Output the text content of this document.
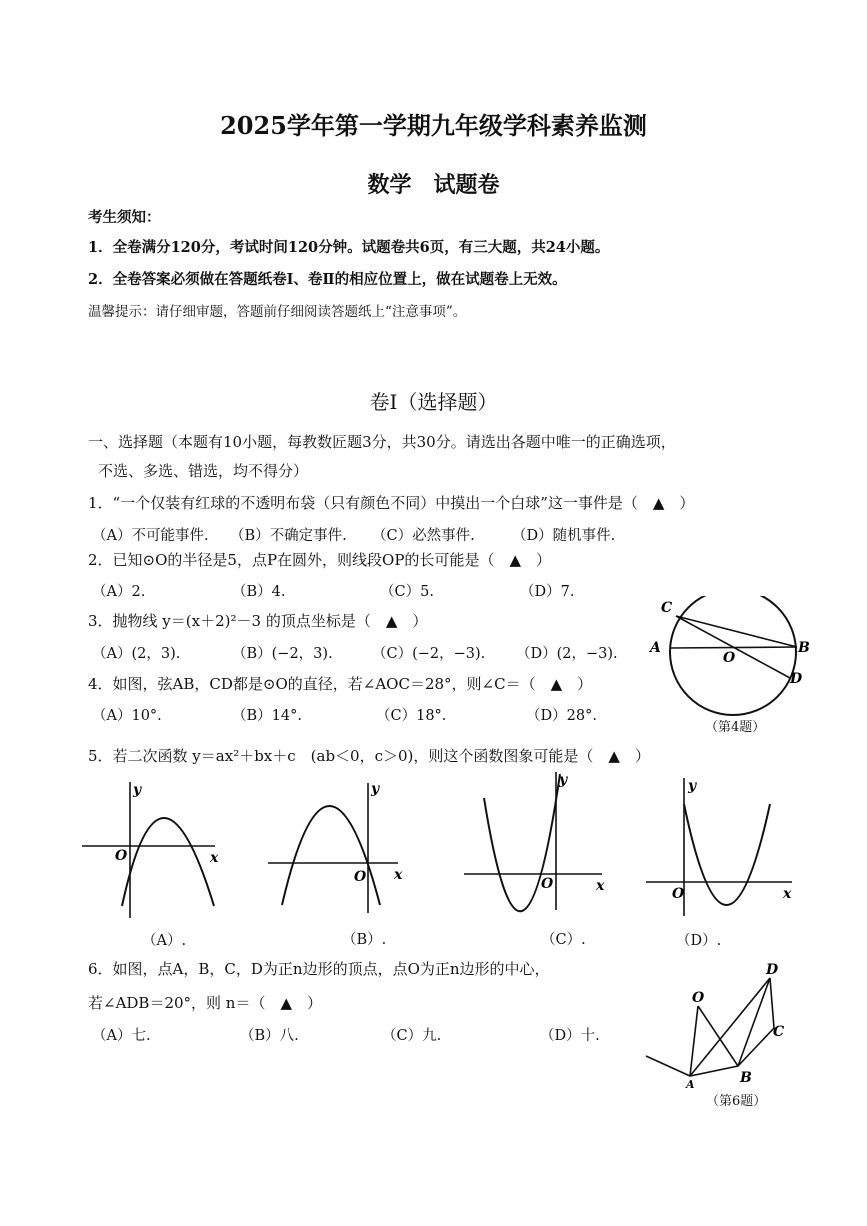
2025学年第一学期九年级学科素养监测
数学　试题卷
考生须知：
1．全卷满分120分，考试时间120分钟。试题卷共6页，有三大题，共24小题。
2．全卷答案必须做在答题纸卷Ⅰ、卷Ⅱ的相应位置上，做在试题卷上无效。
温馨提示：请仔细审题，答题前仔细阅读答题纸上“注意事项”。
卷Ⅰ（选择题）
一、选择题（本题有10小题，每教数匠题3分，共30分。请选出各题中唯一的正确选项，
不选、多选、错选，均不得分）
1．“一个仅装有红球的不透明布袋（只有颜色不同）中摸出一个白球”这一事件是（　▲　）
（A）不可能事件. （B）不确定事件. （C）必然事件.	（D）随机事件.
2．已知⊙O的半径是5，点P在圆外，则线段OP的长可能是（　▲　）
（A）2.	（B）4.	（C）5.	（D）7.
3．抛物线 y＝(x＋2)²－3 的顶点坐标是（　▲　）
（A）(2，3).	（B）(−2，3).	（C）(−2，−3). （D）(2，−3).
4．如图，弦AB，CD都是⊙O的直径，若∠AOC＝28°，则∠C＝（　▲　）
（A）10°.	（B）14°.	（C）18°.	（D）28°.
C
A	B
O
D
（第4题）
5．若二次函数 y＝ax²＋bx＋c　(ab＜0，c＞0)，则这个函数图象可能是（　▲　）
y
x
O
（A）.
y
x
O
（B）.
y
x
O
（C）.
y
x
O
（D）.
6．如图，点A，B，C，D为正n边形的顶点，点O为正n边形的中心，
若∠ADB＝20°，则 n＝（　▲　）
（A）七.	（B）八.	（C）九.	（D）十.
O
D
C
B
A
（第6题）
